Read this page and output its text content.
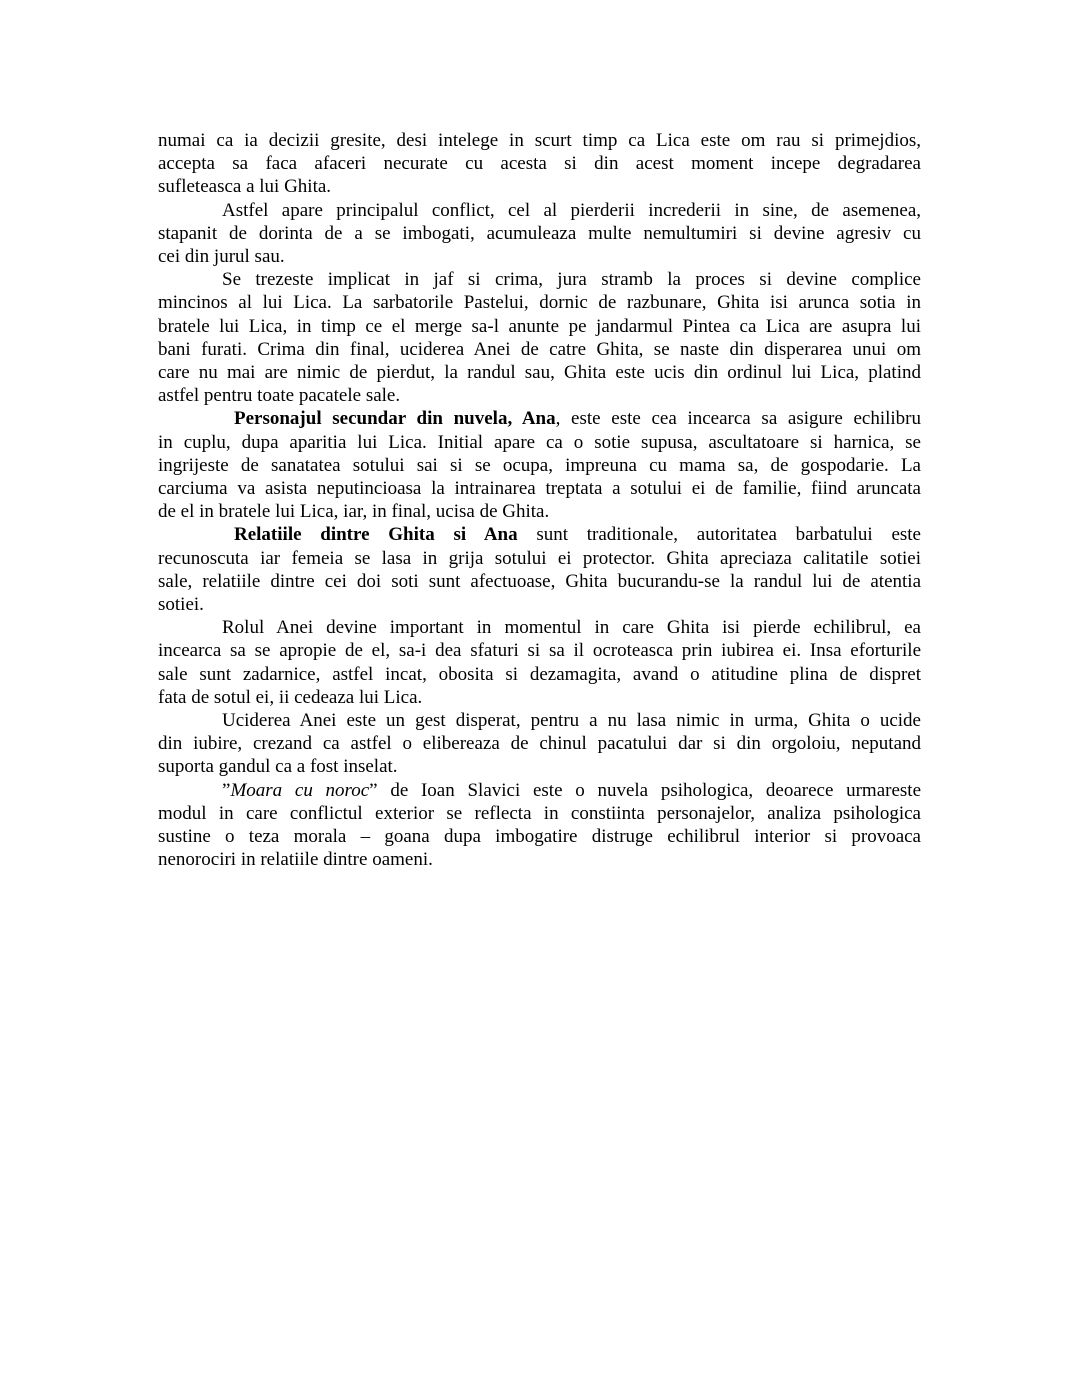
numai ca ia decizii gresite, desi intelege in scurt timp ca Lica este om rau si primejdios,
accepta sa faca afaceri necurate cu acesta si din acest moment incepe degradarea
sufleteasca a lui Ghita.
Astfel apare principalul conflict, cel al pierderii increderii in sine, de asemenea,
stapanit de dorinta de a se imbogati, acumuleaza multe nemultumiri si devine agresiv cu
cei din jurul sau.
Se trezeste implicat in jaf si crima, jura stramb la proces si devine complice
mincinos al lui Lica. La sarbatorile Pastelui, dornic de razbunare, Ghita isi arunca sotia in
bratele lui Lica, in timp ce el merge sa-l anunte pe jandarmul Pintea ca Lica are asupra lui
bani furati. Crima din final, uciderea Anei de catre Ghita, se naste din disperarea unui om
care nu mai are nimic de pierdut, la randul sau, Ghita este ucis din ordinul lui Lica, platind
astfel pentru toate pacatele sale.
Personajul secundar din nuvela, Ana, este este cea incearca sa asigure echilibru
in cuplu, dupa aparitia lui Lica. Initial apare ca o sotie supusa, ascultatoare si harnica, se
ingrijeste de sanatatea sotului sai si se ocupa, impreuna cu mama sa, de gospodarie. La
carciuma va asista neputincioasa la intrainarea treptata a sotului ei de familie, fiind aruncata
de el in bratele lui Lica, iar, in final, ucisa de Ghita.
Relatiile dintre Ghita si Ana sunt traditionale, autoritatea barbatului este
recunoscuta iar femeia se lasa in grija sotului ei protector. Ghita apreciaza calitatile sotiei
sale, relatiile dintre cei doi soti sunt afectuoase, Ghita bucurandu-se la randul lui de atentia
sotiei.
Rolul Anei devine important in momentul in care Ghita isi pierde echilibrul, ea
incearca sa se apropie de el, sa-i dea sfaturi si sa il ocroteasca prin iubirea ei. Insa eforturile
sale sunt zadarnice, astfel incat, obosita si dezamagita, avand o atitudine plina de dispret
fata de sotul ei, ii cedeaza lui Lica.
Uciderea Anei este un gest disperat, pentru a nu lasa nimic in urma, Ghita o ucide
din iubire, crezand ca astfel o elibereaza de chinul pacatului dar si din orgoloiu, neputand
suporta gandul ca a fost inselat.
”Moara cu noroc” de Ioan Slavici este o nuvela psihologica, deoarece urmareste
modul in care conflictul exterior se reflecta in constiinta personajelor, analiza psihologica
sustine o teza morala – goana dupa imbogatire distruge echilibrul interior si provoaca
nenorociri in relatiile dintre oameni.
